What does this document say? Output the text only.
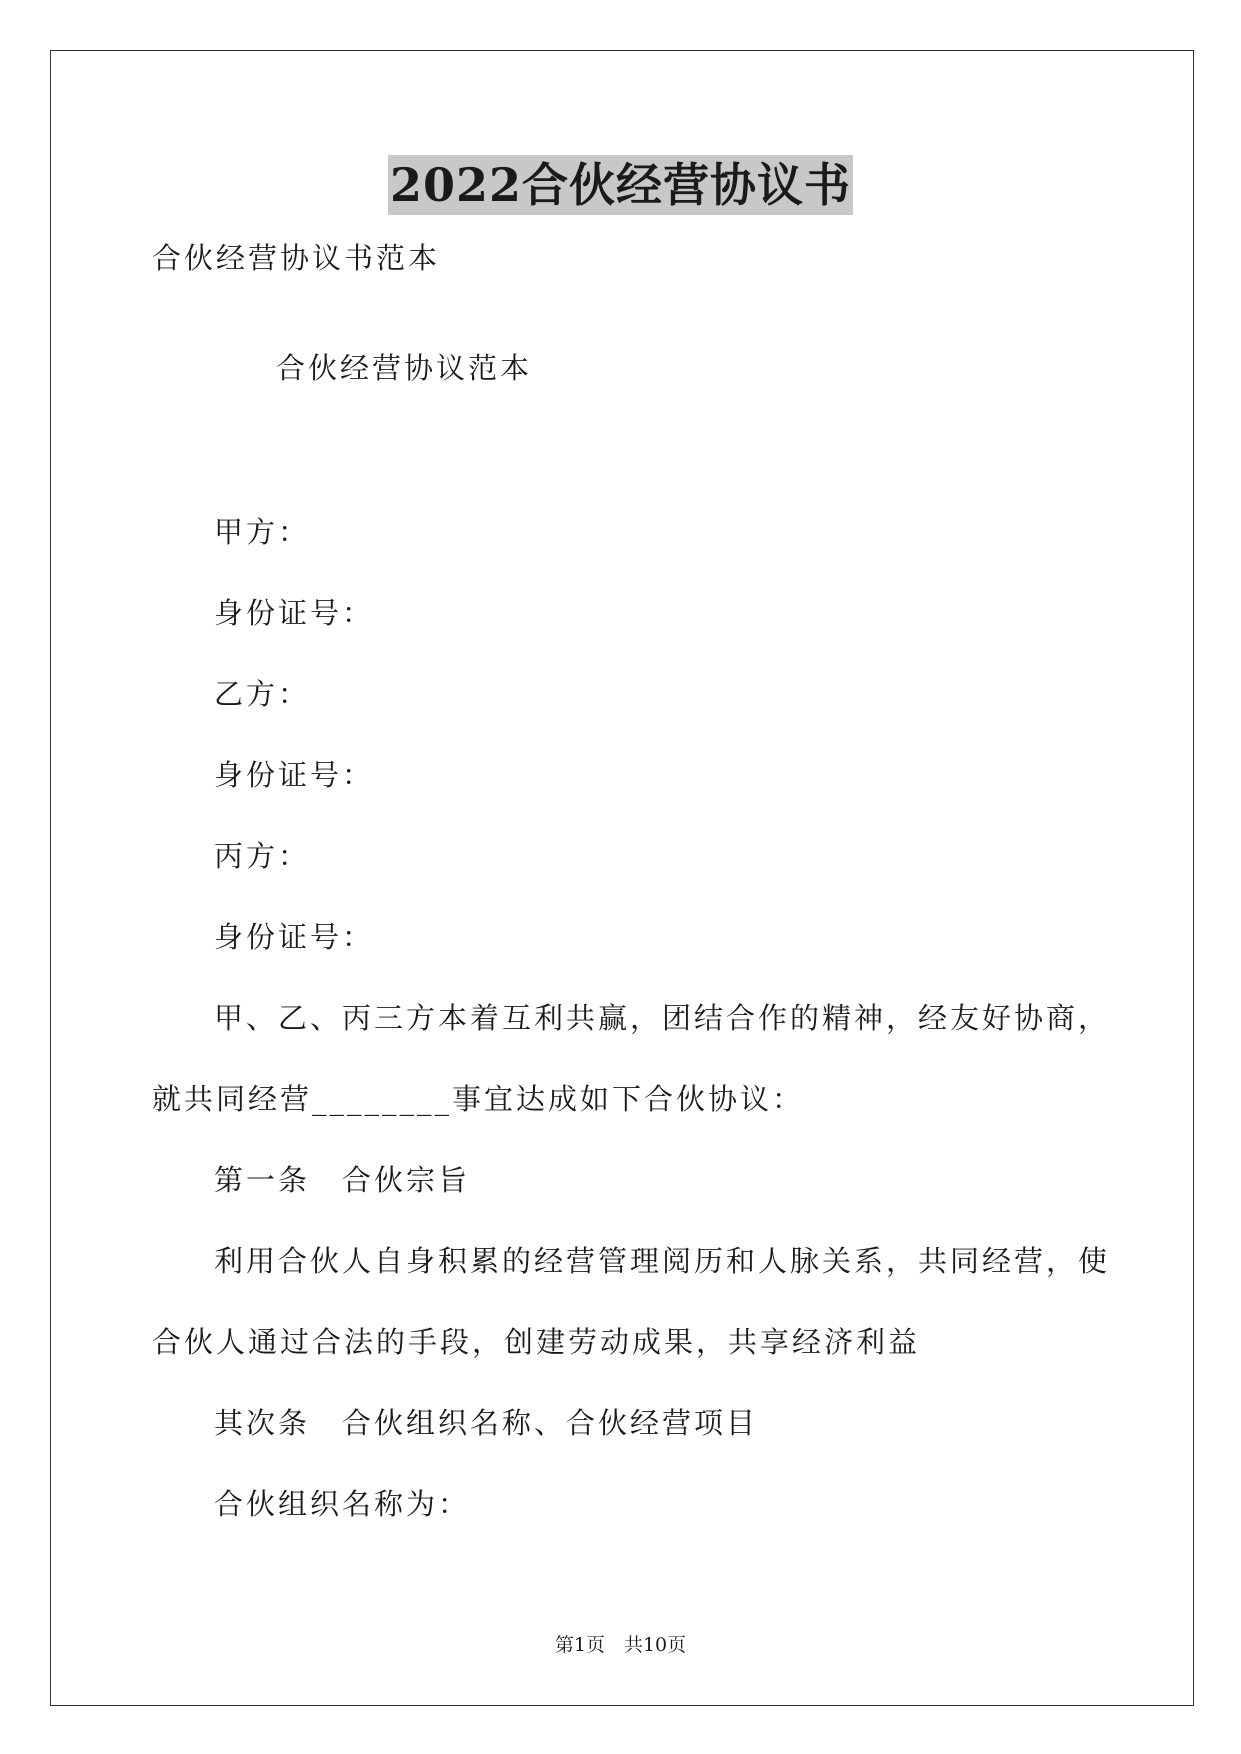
2022合伙经营协议书
合伙经营协议书范本
合伙经营协议范本
甲方：
身份证号：
乙方：
身份证号：
丙方：
身份证号：
甲、乙、丙三方本着互利共赢，团结合作的精神，经友好协商，
就共同经营________事宜达成如下合伙协议：
第一条　合伙宗旨
利用合伙人自身积累的经营管理阅历和人脉关系，共同经营，使
合伙人通过合法的手段，创建劳动成果，共享经济利益
其次条　合伙组织名称、合伙经营项目
合伙组织名称为：
第1页　共10页
